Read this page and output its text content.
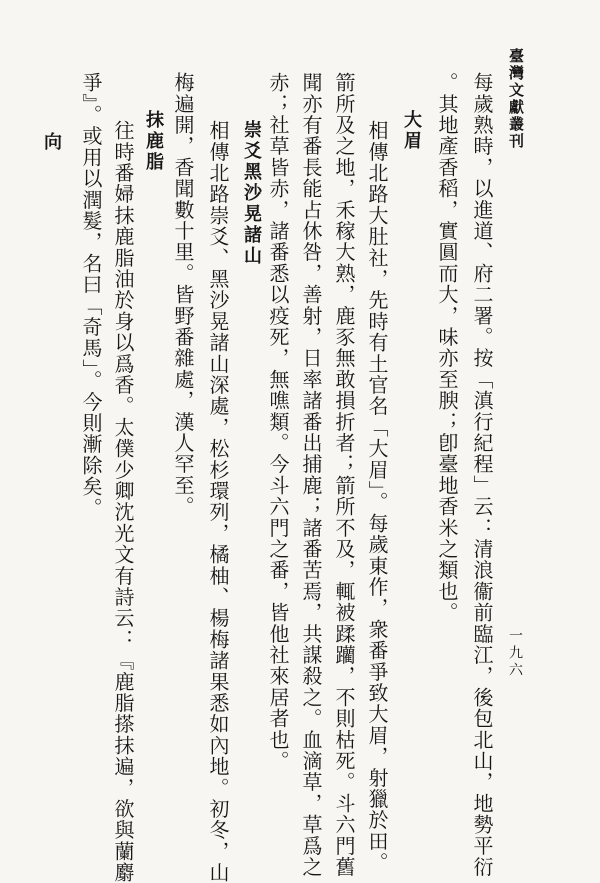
臺灣文獻叢刊
一九六
每歲熟時，以進道、府二署。按「滇行紀程」云：清浪衞前臨江，後包北山，地勢平衍
。其地產香稻，實圓而大，味亦至腴；卽臺地香米之類也。
大眉
相傳北路大肚社，先時有土官名「大眉」。每歲東作，衆番爭致大眉，射獵於田。
箭所及之地，禾稼大熟，鹿豕無敢損折者；箭所不及，輒被蹂躪，不則枯死。斗六門舊
聞亦有番長能占休咎，善射，日率諸番出捕鹿；諸番苦焉，共謀殺之。血滴草，草爲之
赤；社草皆赤，諸番悉以疫死，無噍類。今斗六門之番，皆他社來居者也。
崇爻黑沙晃諸山
相傳北路崇爻、黑沙晃諸山深處，松杉環列，橘柚、楊梅諸果悉如內地。初冬，山
梅遍開，香聞數十里。皆野番雜處，漢人罕至。
抹鹿脂
往時番婦抹鹿脂油於身以爲香。太僕少卿沈光文有詩云：『鹿脂搽抹遍，欲與蘭麝
爭』。或用以潤髮，名曰「奇馬」。今則漸除矣。
向
